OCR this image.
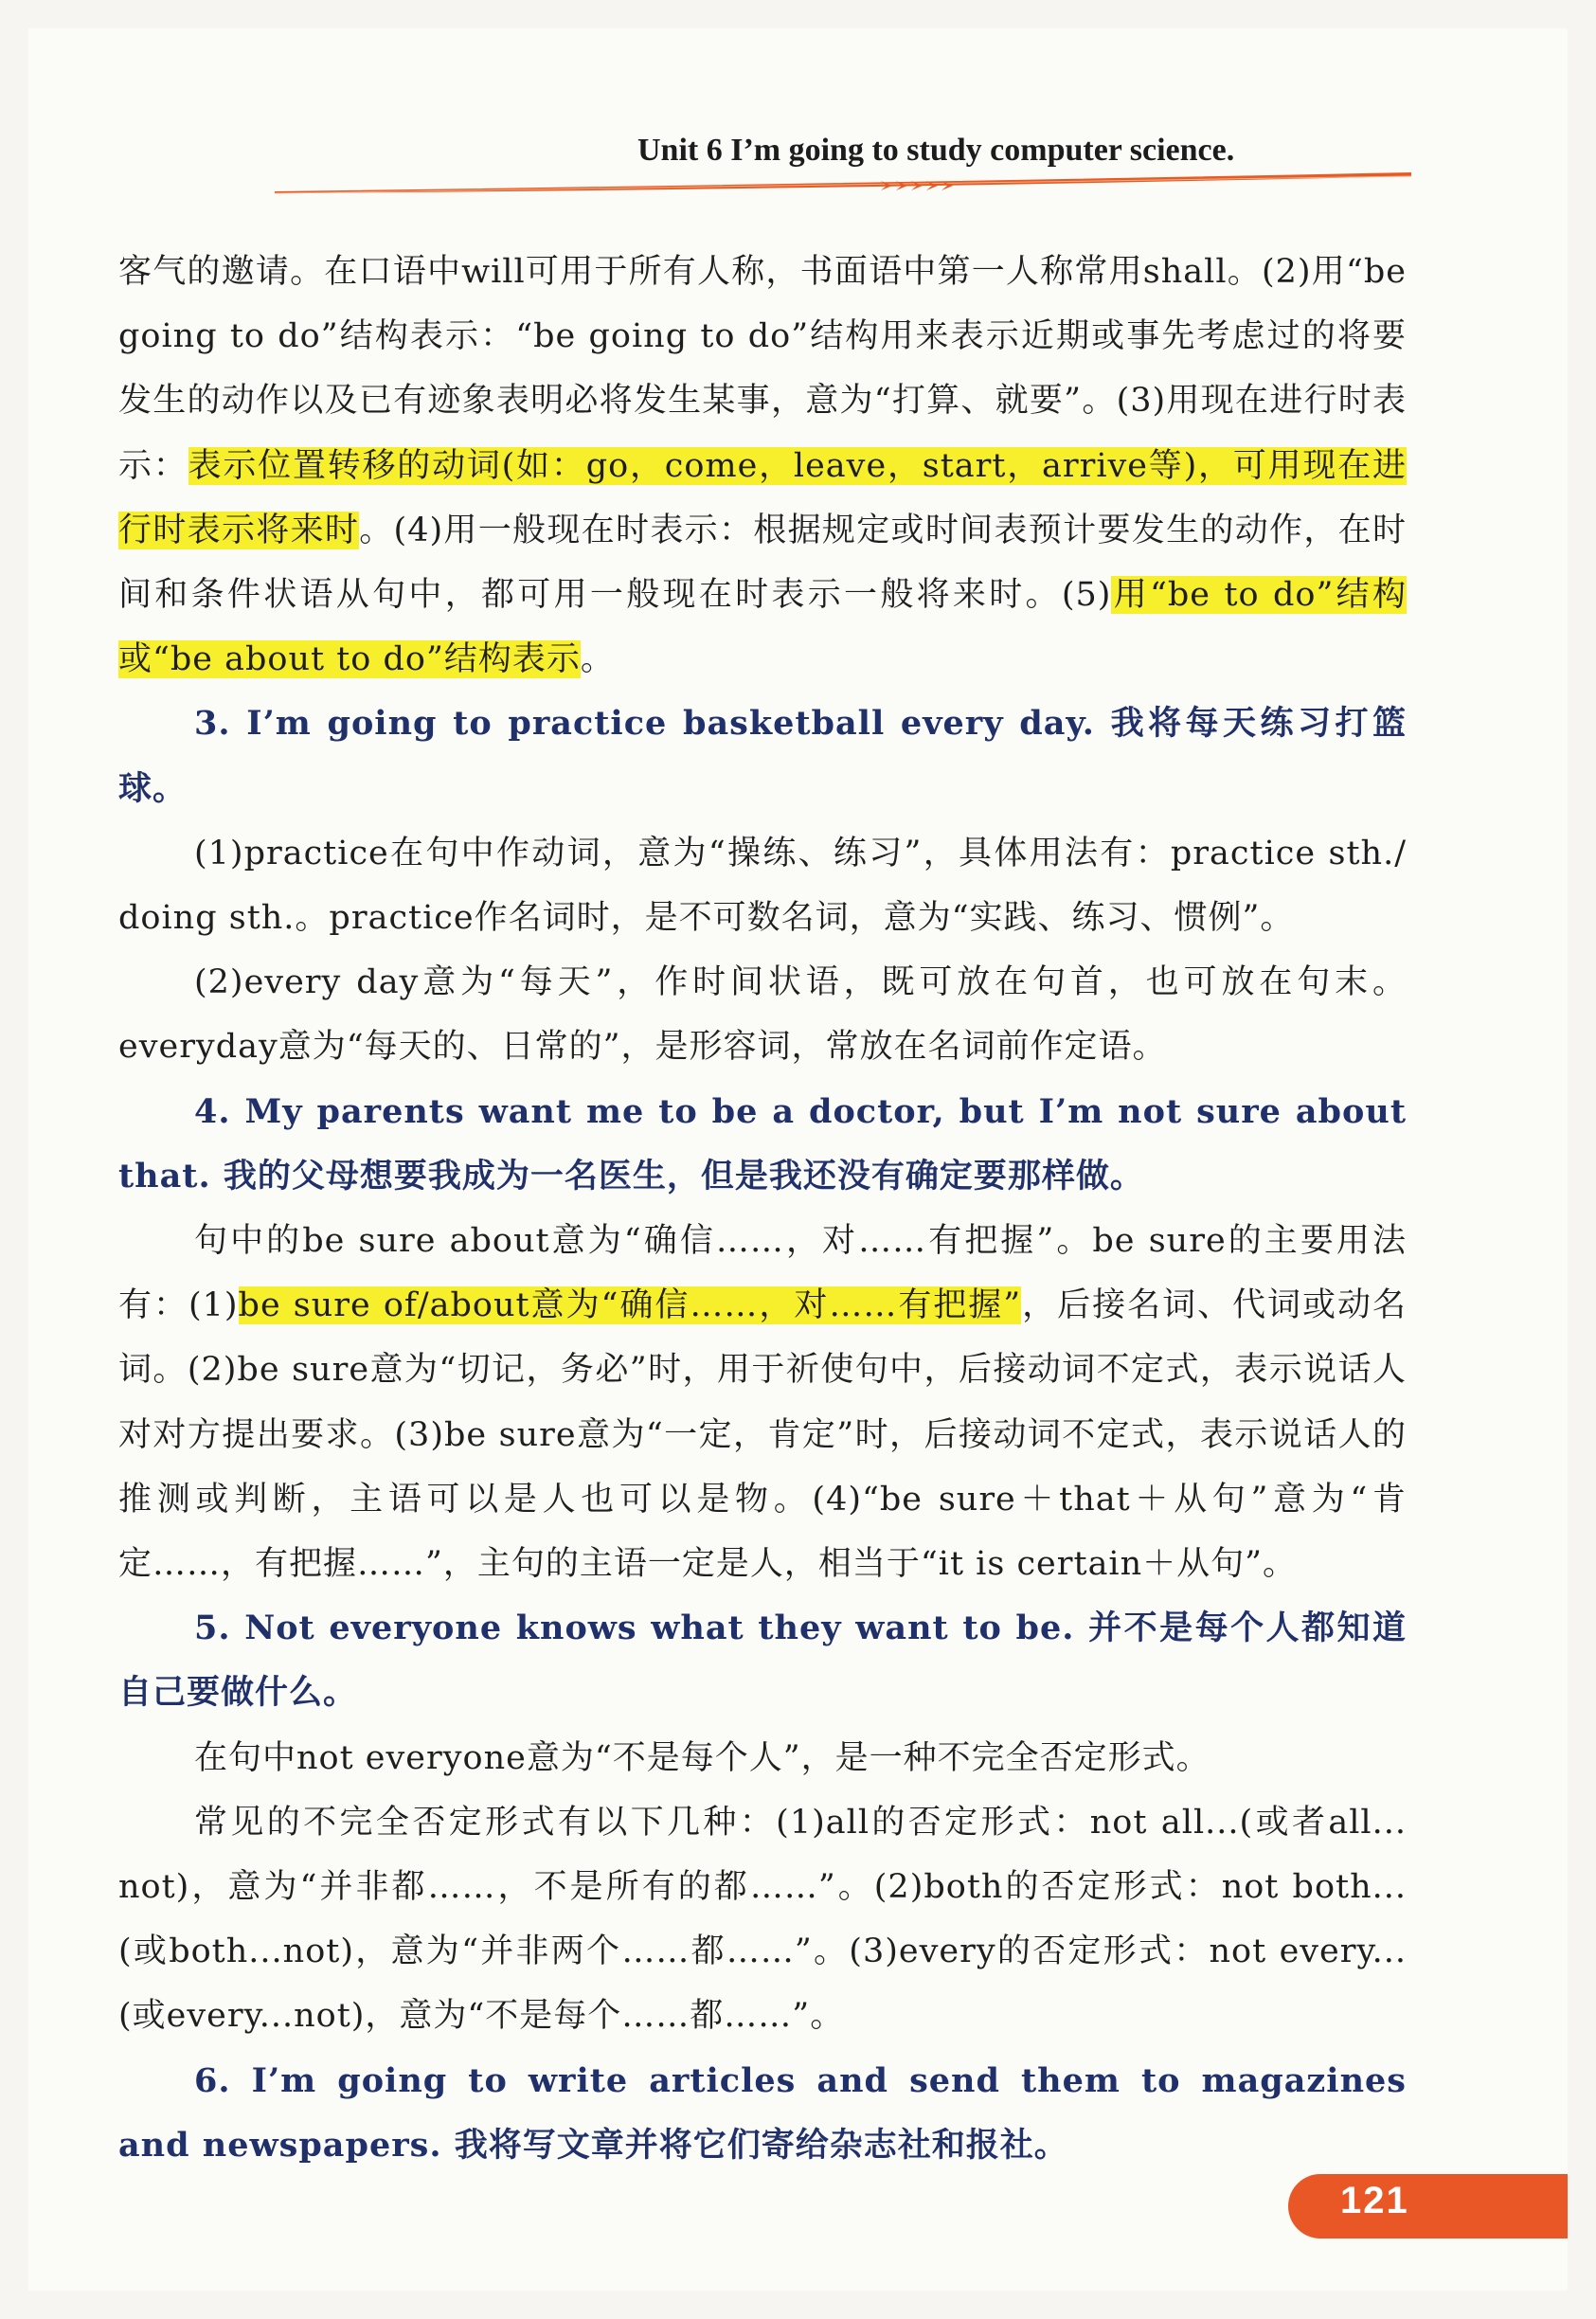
Unit 6 I’m going to study computer science.

客气的邀请。在口语中will可用于所有人称，书面语中第一人称常用shall。(2)用“be going to do”结构表示：“be going to do”结构用来表示近期或事先考虑过的将要发生的动作以及已有迹象表明必将发生某事，意为“打算、就要”。(3)用现在进行时表示：表示位置转移的动词(如：go，come，leave，start，arrive等)，可用现在进行时表示将来时。(4)用一般现在时表示：根据规定或时间表预计要发生的动作，在时间和条件状语从句中，都可用一般现在时表示一般将来时。(5)用“be to do”结构或“be about to do”结构表示。

3. I’m going to practice basketball every day. 我将每天练习打篮球。

(1)practice在句中作动词，意为“操练、练习”，具体用法有：practice sth./ doing sth.。practice作名词时，是不可数名词，意为“实践、练习、惯例”。

(2)every day意为“每天”，作时间状语，既可放在句首，也可放在句末。everyday意为“每天的、日常的”，是形容词，常放在名词前作定语。

4. My parents want me to be a doctor, but I’m not sure about that. 我的父母想要我成为一名医生，但是我还没有确定要那样做。

句中的be sure about意为“确信……，对……有把握”。be sure的主要用法有：(1)be sure of/about意为“确信……，对……有把握”，后接名词、代词或动名词。(2)be sure意为“切记，务必”时，用于祈使句中，后接动词不定式，表示说话人对对方提出要求。(3)be sure意为“一定，肯定”时，后接动词不定式，表示说话人的推测或判断，主语可以是人也可以是物。(4)“be sure＋that＋从句”意为“肯定……，有把握……”，主句的主语一定是人，相当于“it is certain＋从句”。

5. Not everyone knows what they want to be. 并不是每个人都知道自己要做什么。

在句中not everyone意为“不是每个人”，是一种不完全否定形式。

常见的不完全否定形式有以下几种：(1)all的否定形式：not all...(或者all... not)，意为“并非都……，不是所有的都……”。(2)both的否定形式：not both... (或both...not)，意为“并非两个……都……”。(3)every的否定形式：not every... (或every...not)，意为“不是每个……都……”。

6. I’m going to write articles and send them to magazines and newspapers. 我将写文章并将它们寄给杂志社和报社。

121
